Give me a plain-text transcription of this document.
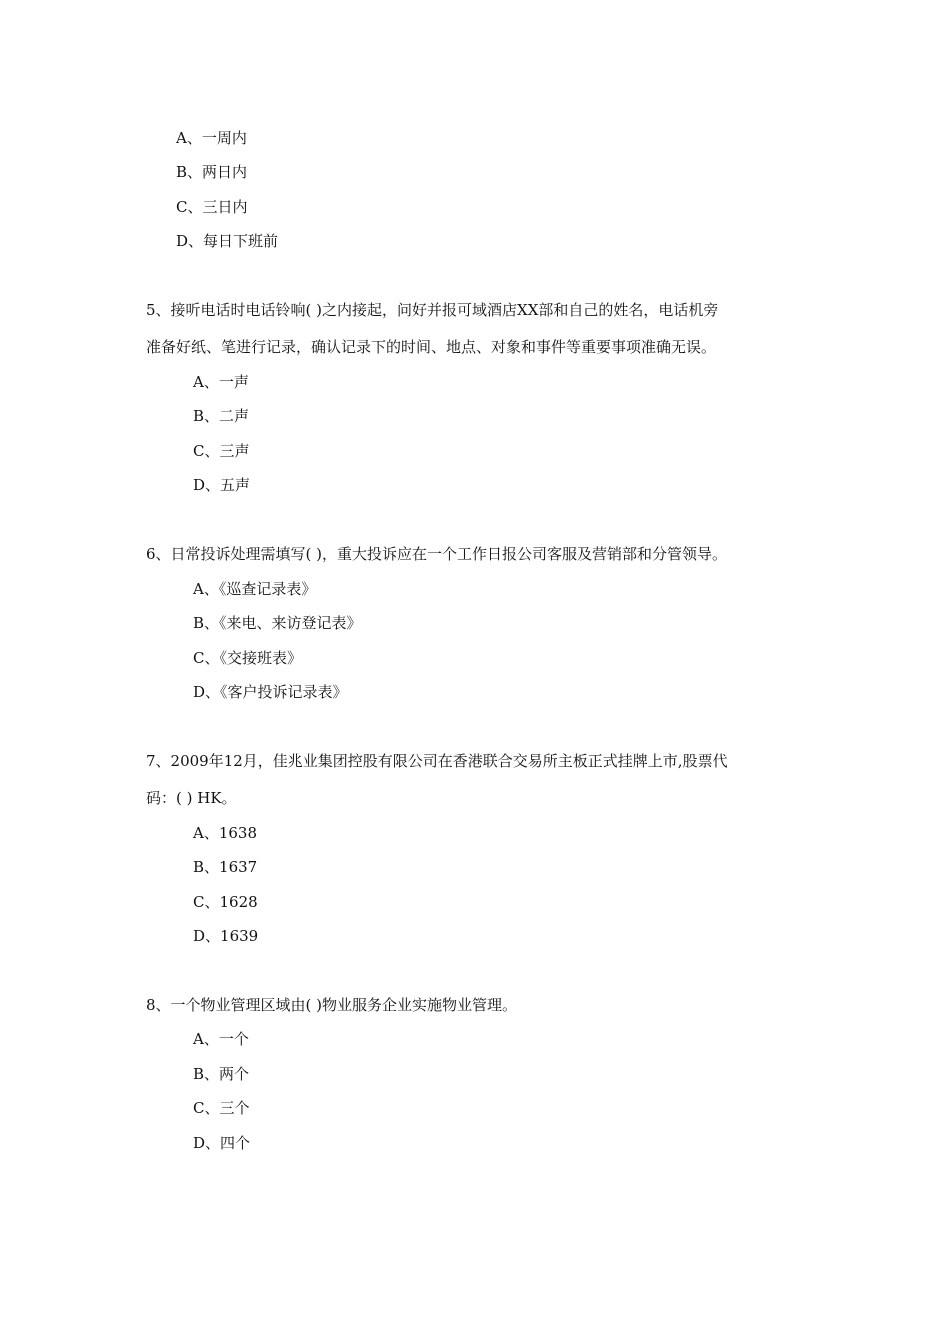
A、一周内
B、两日内
C、三日内
D、每日下班前
5、接听电话时电话铃响( )之内接起，问好并报可域酒店XX部和自己的姓名，电话机旁
准备好纸、笔进行记录，确认记录下的时间、地点、对象和事件等重要事项准确无误。
A、一声
B、二声
C、三声
D、五声
6、日常投诉处理需填写( )，重大投诉应在一个工作日报公司客服及营销部和分管领导。
A、《巡查记录表》
B、《来电、来访登记表》
C、《交接班表》
D、《客户投诉记录表》
7、2009年12月，佳兆业集团控股有限公司在香港联合交易所主板正式挂牌上市,股票代
码：( ) HK。
A、1638
B、1637
C、1628
D、1639
8、一个物业管理区域由( )物业服务企业实施物业管理。
A、一个
B、两个
C、三个
D、四个
